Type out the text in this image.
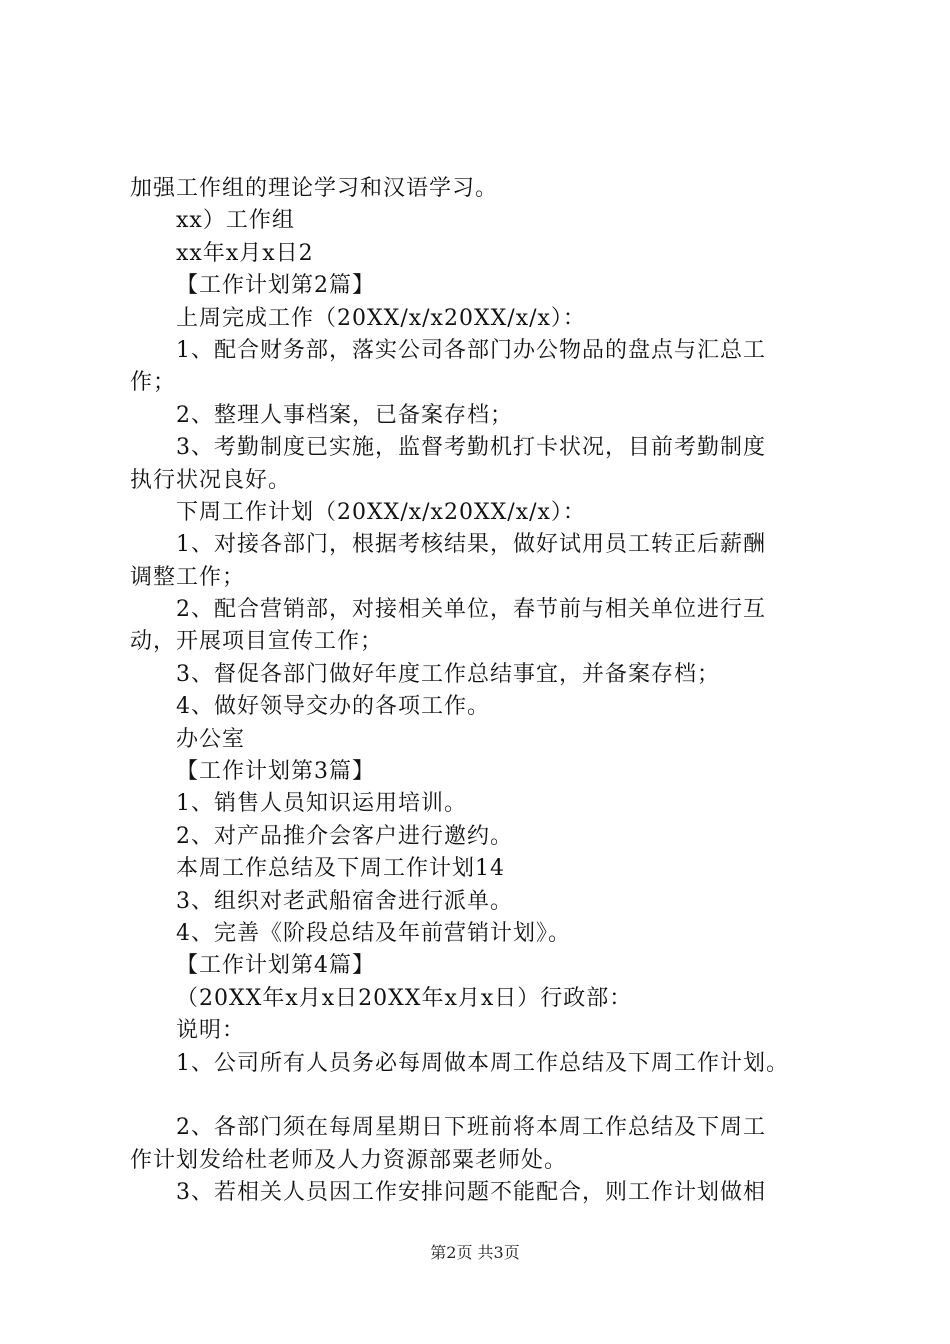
加强工作组的理论学习和汉语学习。
xx）工作组
xx年x月x日2
【工作计划第2篇】
上周完成工作（20XX/x/x20XX/x/x）：
1、配合财务部，落实公司各部门办公物品的盘点与汇总工
作；
2、整理人事档案，已备案存档；
3、考勤制度已实施，监督考勤机打卡状况，目前考勤制度
执行状况良好。
下周工作计划（20XX/x/x20XX/x/x）：
1、对接各部门，根据考核结果，做好试用员工转正后薪酬
调整工作；
2、配合营销部，对接相关单位，春节前与相关单位进行互
动，开展项目宣传工作；
3、督促各部门做好年度工作总结事宜，并备案存档；
4、做好领导交办的各项工作。
办公室
【工作计划第3篇】
1、销售人员知识运用培训。
2、对产品推介会客户进行邀约。
本周工作总结及下周工作计划14
3、组织对老武船宿舍进行派单。
4、完善《阶段总结及年前营销计划》。
【工作计划第4篇】
（20XX年x月x日20XX年x月x日）行政部：
说明：
1、公司所有人员务必每周做本周工作总结及下周工作计划。
2、各部门须在每周星期日下班前将本周工作总结及下周工
作计划发给杜老师及人力资源部粟老师处。
3、若相关人员因工作安排问题不能配合，则工作计划做相
第2页 共3页
